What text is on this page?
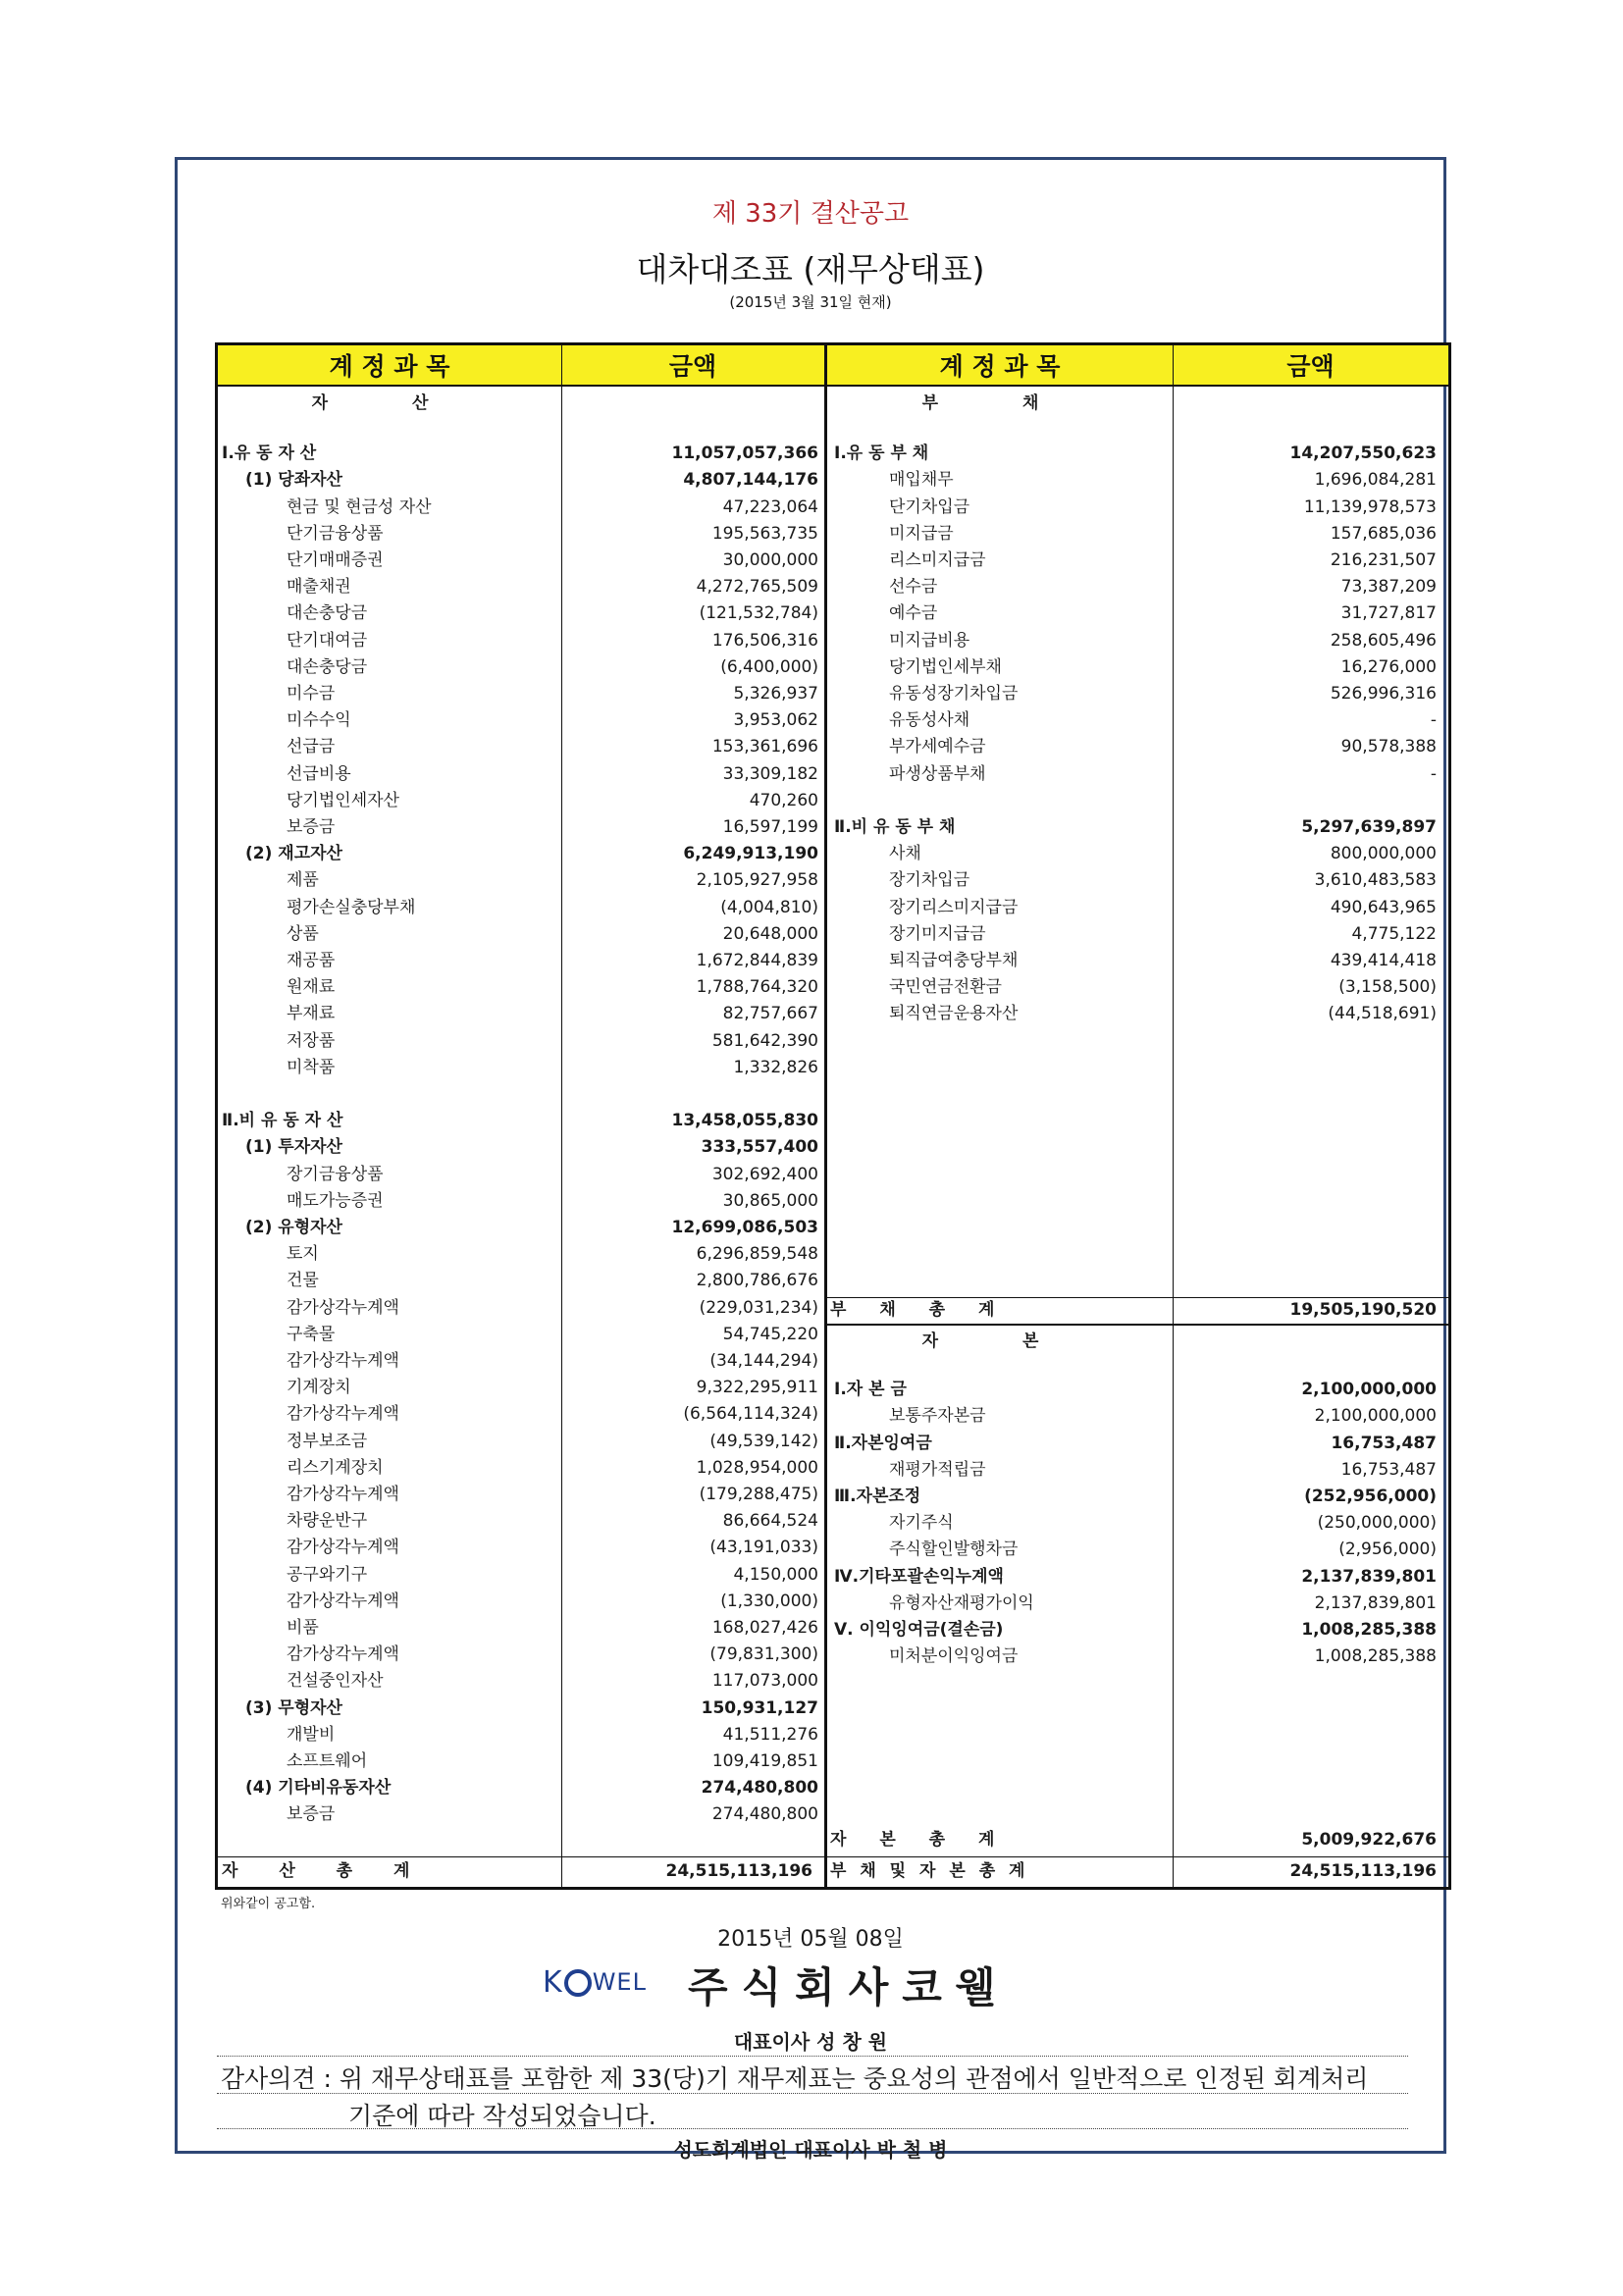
제 33기 결산공고
대차대조표 (재무상태표)
(2015년 3월 31일 현재)
계 정 과 목	금액	계 정 과 목	금액
자 산	부 채
Ⅰ.유 동 자 산	11,057,057,366
(1) 당좌자산	4,807,144,176
현금 및 현금성 자산	47,223,064
단기금융상품	195,563,735
단기매매증권	30,000,000
매출채권	4,272,765,509
대손충당금	(121,532,784)
단기대여금	176,506,316
대손충당금	(6,400,000)
미수금	5,326,937
미수수익	3,953,062
선급금	153,361,696
선급비용	33,309,182
당기법인세자산	470,260
보증금	16,597,199
(2) 재고자산	6,249,913,190
제품	2,105,927,958
평가손실충당부채	(4,004,810)
상품	20,648,000
재공품	1,672,844,839
원재료	1,788,764,320
부재료	82,757,667
저장품	581,642,390
미착품	1,332,826
Ⅱ.비 유 동 자 산	13,458,055,830
(1) 투자자산	333,557,400
장기금융상품	302,692,400
매도가능증권	30,865,000
(2) 유형자산	12,699,086,503
토지	6,296,859,548
건물	2,800,786,676
감가상각누계액	(229,031,234)
구축물	54,745,220
감가상각누계액	(34,144,294)
기계장치	9,322,295,911
감가상각누계액	(6,564,114,324)
정부보조금	(49,539,142)
리스기계장치	1,028,954,000
감가상각누계액	(179,288,475)
차량운반구	86,664,524
감가상각누계액	(43,191,033)
공구와기구	4,150,000
감가상각누계액	(1,330,000)
비품	168,027,426
감가상각누계액	(79,831,300)
건설중인자산	117,073,000
(3) 무형자산	150,931,127
개발비	41,511,276
소프트웨어	109,419,851
(4) 기타비유동자산	274,480,800
보증금	274,480,800
Ⅰ.유 동 부 채	14,207,550,623
매입채무	1,696,084,281
단기차입금	11,139,978,573
미지급금	157,685,036
리스미지급금	216,231,507
선수금	73,387,209
예수금	31,727,817
미지급비용	258,605,496
당기법인세부채	16,276,000
유동성장기차입금	526,996,316
유동성사채	-
부가세예수금	90,578,388
파생상품부채	-
Ⅱ.비 유 동 부 채	5,297,639,897
사채	800,000,000
장기차입금	3,610,483,583
장기리스미지급금	490,643,965
장기미지급금	4,775,122
퇴직급여충당부채	439,414,418
국민연금전환금	(3,158,500)
퇴직연금운용자산	(44,518,691)
부 채 총 계	19,505,190,520
자 본
Ⅰ.자 본 금	2,100,000,000
보통주자본금	2,100,000,000
Ⅱ.자본잉여금	16,753,487
재평가적립금	16,753,487
Ⅲ.자본조정	(252,956,000)
자기주식	(250,000,000)
주식할인발행차금	(2,956,000)
Ⅳ.기타포괄손익누계액	2,137,839,801
유형자산재평가이익	2,137,839,801
Ⅴ. 이익잉여금(결손금)	1,008,285,388
미처분이익잉여금	1,008,285,388
자 본 총 계	5,009,922,676
자 산 총 계	24,515,113,196 부 채 및 자 본 총 계	24,515,113,196
위와같이 공고함.
2015년 05월 08일
K WEL 주식회사코웰
대표이사 성 창 원
감사의견 : 위 재무상태표를 포함한 제 33(당)기 재무제표는 중요성의 관점에서 일반적으로 인정된 회계처리
기준에 따라 작성되었습니다.
성도회계법인 대표이사 박 철 병
